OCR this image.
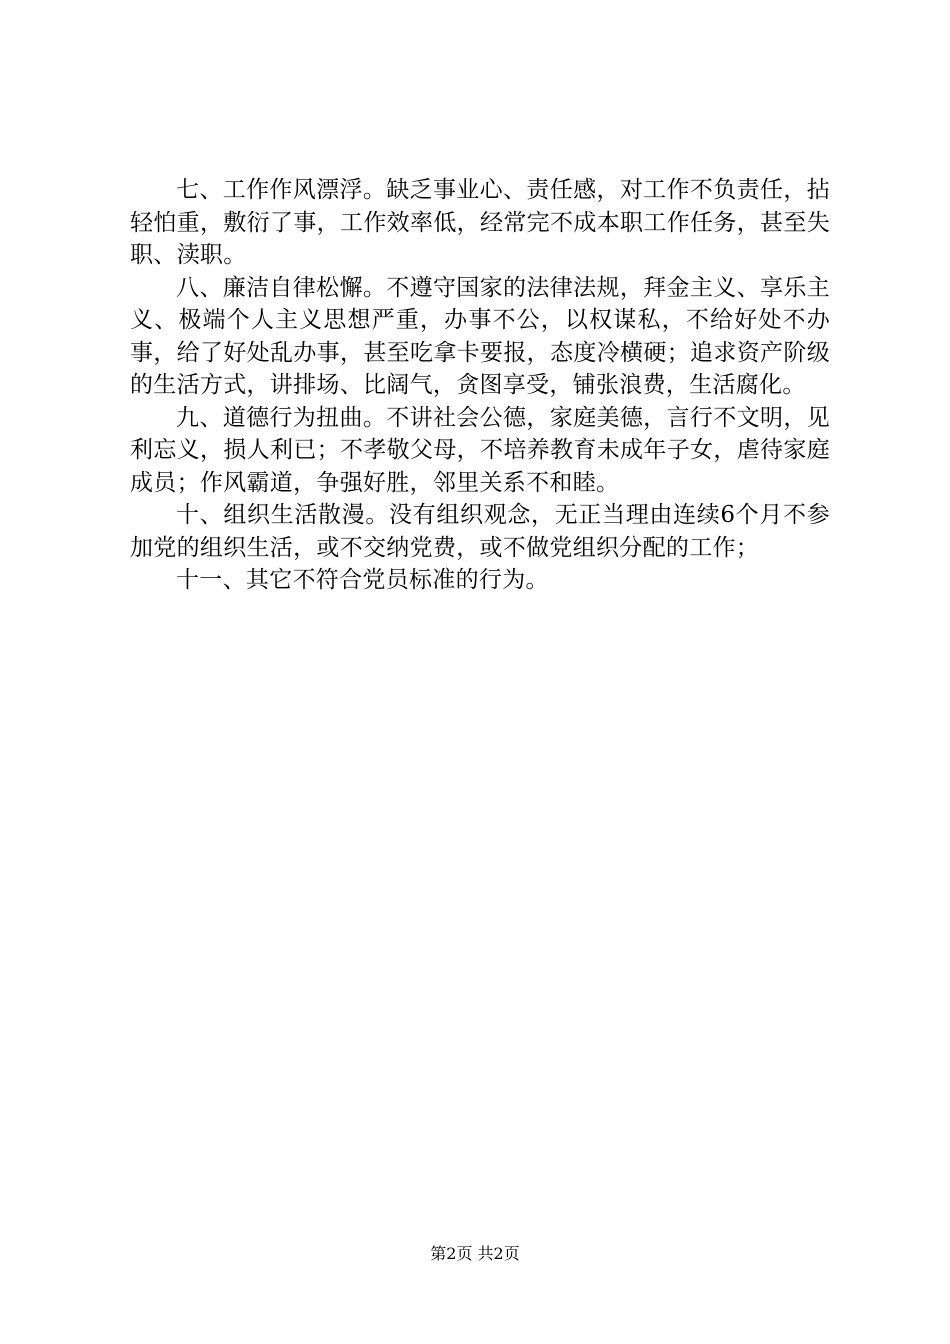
七、工作作风漂浮。缺乏事业心、责任感，对工作不负责任，拈轻怕重，敷衍了事，工作效率低，经常完不成本职工作任务，甚至失职、渎职。

八、廉洁自律松懈。不遵守国家的法律法规，拜金主义、享乐主义、极端个人主义思想严重，办事不公，以权谋私，不给好处不办事，给了好处乱办事，甚至吃拿卡要报，态度冷横硬；追求资产阶级的生活方式，讲排场、比阔气，贪图享受，铺张浪费，生活腐化。

九、道德行为扭曲。不讲社会公德，家庭美德，言行不文明，见利忘义，损人利已；不孝敬父母，不培养教育未成年子女，虐待家庭成员；作风霸道，争强好胜，邻里关系不和睦。

十、组织生活散漫。没有组织观念，无正当理由连续6个月不参加党的组织生活，或不交纳党费，或不做党组织分配的工作；

十一、其它不符合党员标准的行为。

第2页 共2页
